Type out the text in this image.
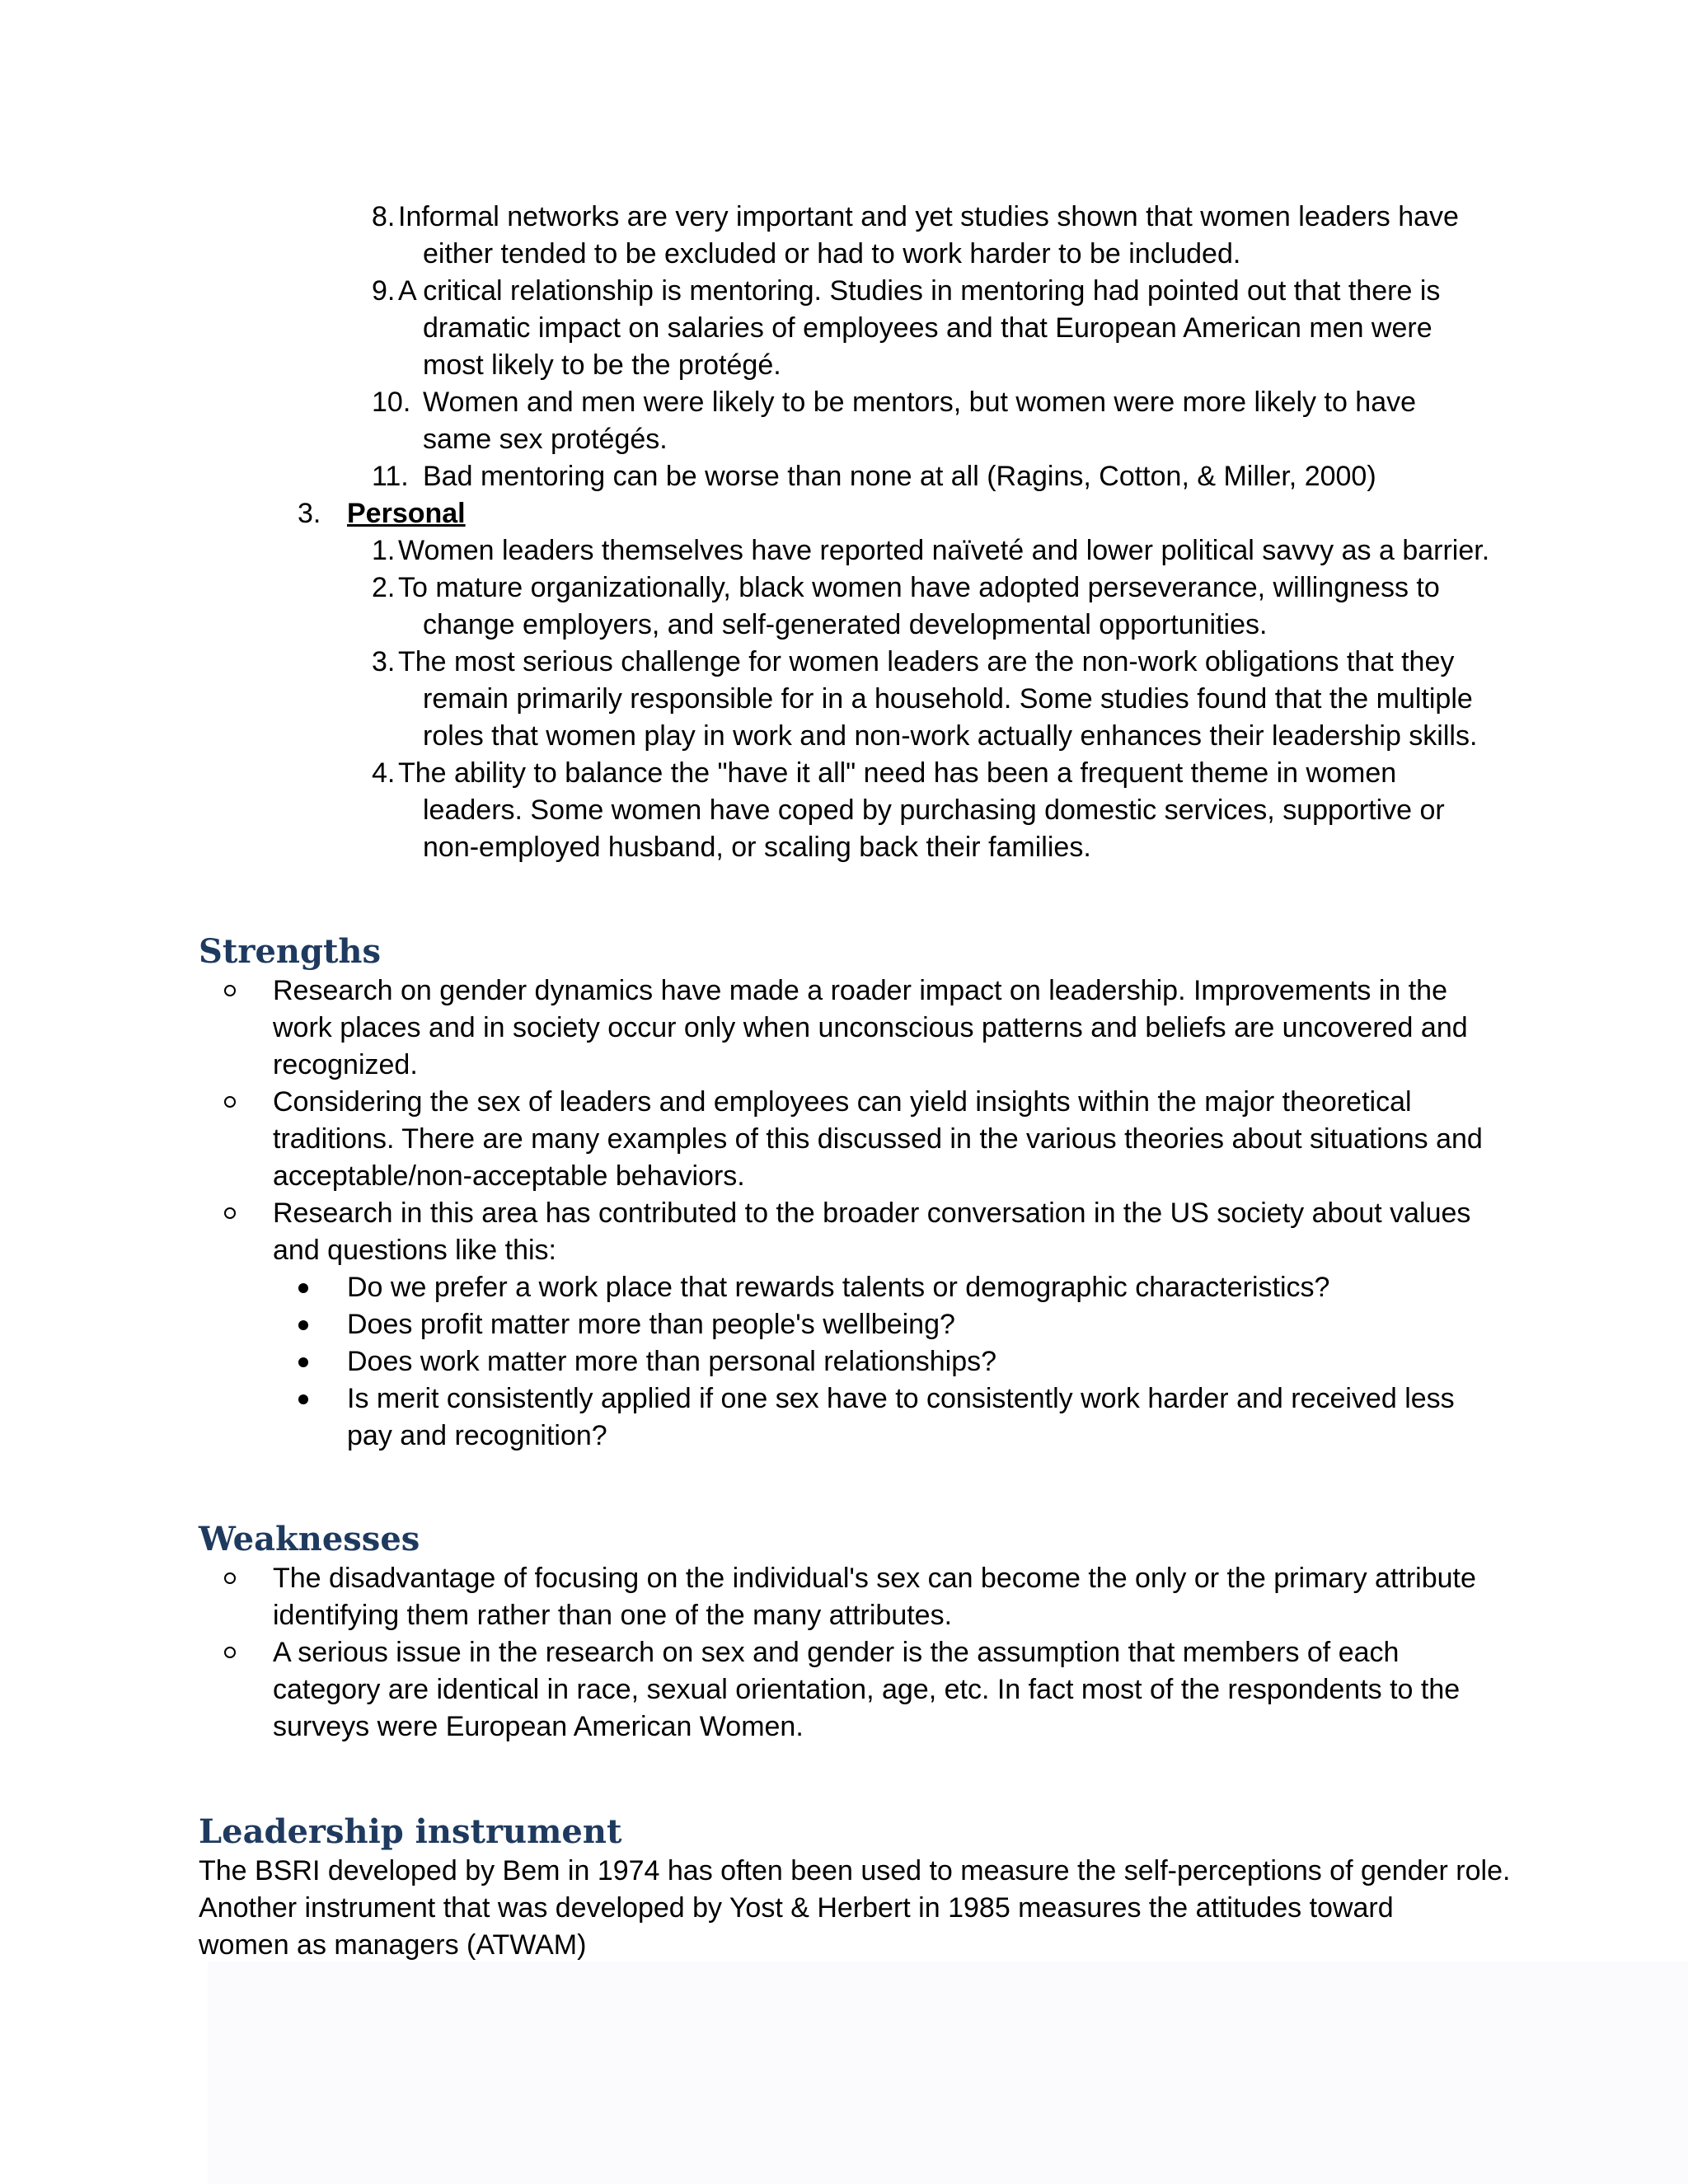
8. Informal networks are very important and yet studies shown that women leaders have
either tended to be excluded or had to work harder to be included.
9. A critical relationship is mentoring. Studies in mentoring had pointed out that there is
dramatic impact on salaries of employees and that European American men were
most likely to be the protégé.
10. Women and men were likely to be mentors, but women were more likely to have
same sex protégés.
11. Bad mentoring can be worse than none at all (Ragins, Cotton, & Miller, 2000)
3. Personal
1. Women leaders themselves have reported naïveté and lower political savvy as a barrier.
2. To mature organizationally, black women have adopted perseverance, willingness to
change employers, and self-generated developmental opportunities.
3. The most serious challenge for women leaders are the non-work obligations that they
remain primarily responsible for in a household. Some studies found that the multiple
roles that women play in work and non-work actually enhances their leadership skills.
4. The ability to balance the "have it all" need has been a frequent theme in women
leaders. Some women have coped by purchasing domestic services, supportive or
non-employed husband, or scaling back their families.
Strengths
Research on gender dynamics have made a roader impact on leadership. Improvements in the
work places and in society occur only when unconscious patterns and beliefs are uncovered and
recognized.
Considering the sex of leaders and employees can yield insights within the major theoretical
traditions. There are many examples of this discussed in the various theories about situations and
acceptable/non-acceptable behaviors.
Research in this area has contributed to the broader conversation in the US society about values
and questions like this:
Do we prefer a work place that rewards talents or demographic characteristics?
Does profit matter more than people's wellbeing?
Does work matter more than personal relationships?
Is merit consistently applied if one sex have to consistently work harder and received less
pay and recognition?
Weaknesses
The disadvantage of focusing on the individual's sex can become the only or the primary attribute
identifying them rather than one of the many attributes.
A serious issue in the research on sex and gender is the assumption that members of each
category are identical in race, sexual orientation, age, etc. In fact most of the respondents to the
surveys were European American Women.
Leadership instrument
The BSRI developed by Bem in 1974 has often been used to measure the self-perceptions of gender role.
Another instrument that was developed by Yost & Herbert in 1985 measures the attitudes toward
women as managers (ATWAM)
